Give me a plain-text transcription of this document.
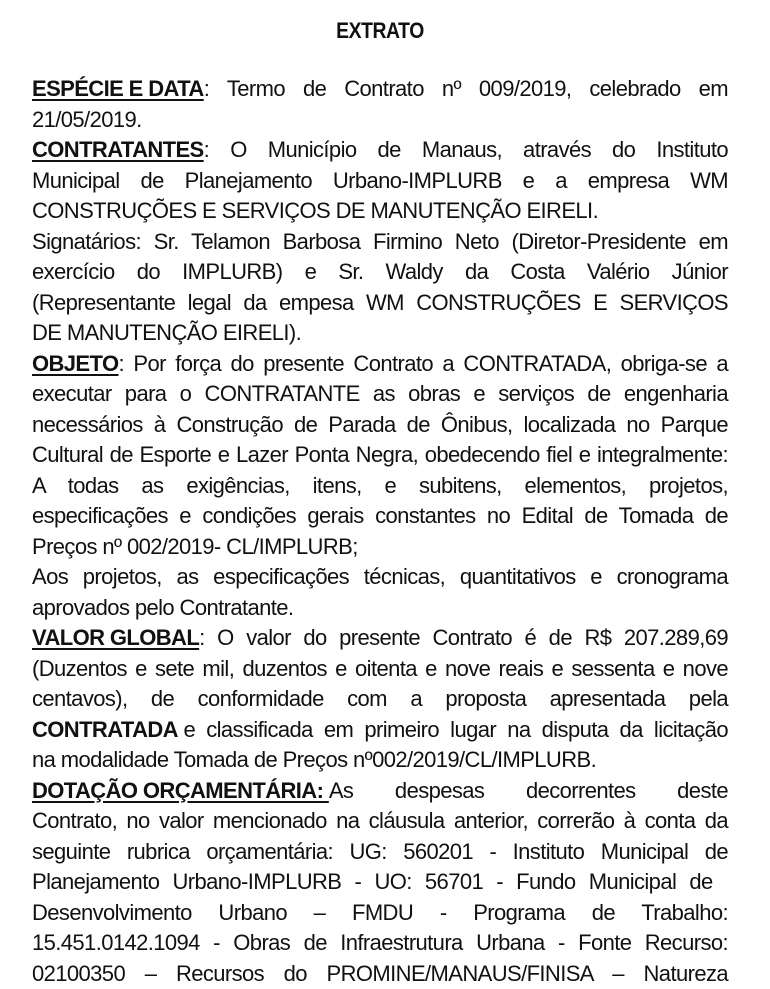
EXTRATO
ESPÉCIE E DATA : Termo de Contrato nº 009/2019, celebrado em
21/05/2019.
CONTRATANTES : O Município de Manaus, através do Instituto
Municipal de Planejamento Urbano-IMPLURB e a empresa WM
CONSTRUÇÕES E SERVIÇOS DE MANUTENÇÃO EIRELI.
Signatários: Sr. Telamon Barbosa Firmino Neto (Diretor-Presidente em
exercício do IMPLURB) e Sr. Waldy da Costa Valério Júnior
(Representante legal da empesa WM CONSTRUÇÕES E SERVIÇOS
DE MANUTENÇÃO EIRELI).
OBJETO : Por força do presente Contrato a CONTRATADA, obriga-se a
executar para o CONTRATANTE as obras e serviços de engenharia
necessários à Construção de Parada de Ônibus, localizada no Parque
Cultural de Esporte e Lazer Ponta Negra, obedecendo fiel e integralmente:
A todas as exigências, itens, e subitens, elementos, projetos,
especificações e condições gerais constantes no Edital de Tomada de
Preços nº 002/2019- CL/IMPLURB;
Aos projetos, as especificações técnicas, quantitativos e cronograma
aprovados pelo Contratante.
VALOR GLOBAL : O valor do presente Contrato é de R$ 207.289,69
(Duzentos e sete mil, duzentos e oitenta e nove reais e sessenta e nove
centavos), de conformidade com a proposta apresentada pela
CONTRATADA
e classificada em primeiro lugar na disputa da licitação
na modalidade Tomada de Preços nº002/2019/CL/IMPLURB.
DOTAÇÃO ORÇAMENTÁRIA: As despesas decorrentes deste
Contrato, no valor mencionado na cláusula anterior, correrão à conta da
seguinte rubrica orçamentária: UG: 560201 - Instituto Municipal de
Planejamento Urbano-IMPLURB - UO: 56701 - Fundo Municipal de
Desenvolvimento Urbano – FMDU - Programa de Trabalho:
15.451.0142.1094 - Obras de Infraestrutura Urbana - Fonte Recurso:
02100350 – Recursos do PROMINE/MANAUS/FINISA – Natureza
